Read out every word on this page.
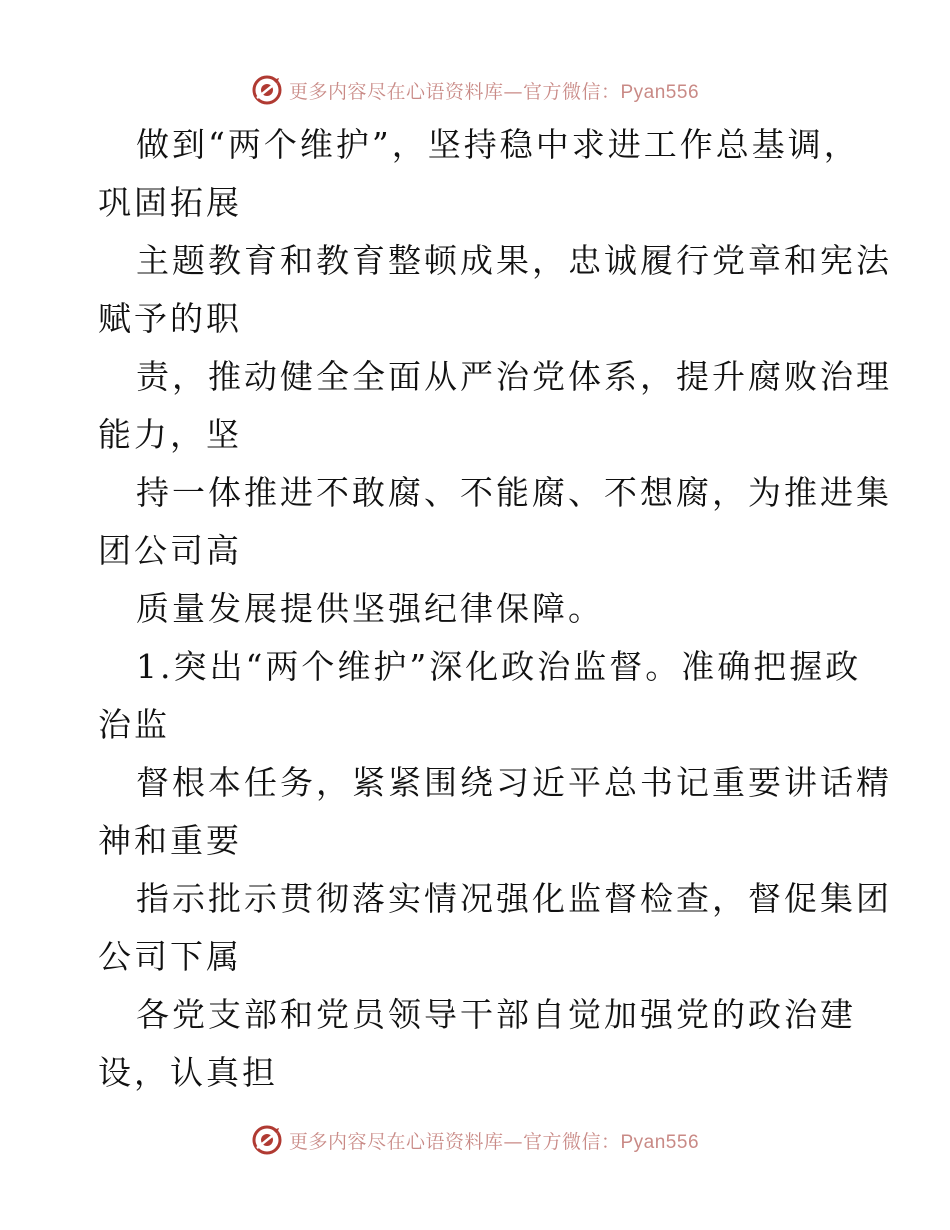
更多内容尽在心语资料库—官方微信：Pyan556
做到“两个维护”，坚持稳中求进工作总基调，
巩固拓展
主题教育和教育整顿成果，忠诚履行党章和宪法
赋予的职
责，推动健全全面从严治党体系，提升腐败治理
能力，坚
持一体推进不敢腐、不能腐、不想腐，为推进集
团公司高
质量发展提供坚强纪律保障。
1.突出“两个维护”深化政治监督。准确把握政
治监
督根本任务，紧紧围绕习近平总书记重要讲话精
神和重要
指示批示贯彻落实情况强化监督检查，督促集团
公司下属
各党支部和党员领导干部自觉加强党的政治建
设，认真担
更多内容尽在心语资料库—官方微信：Pyan556
